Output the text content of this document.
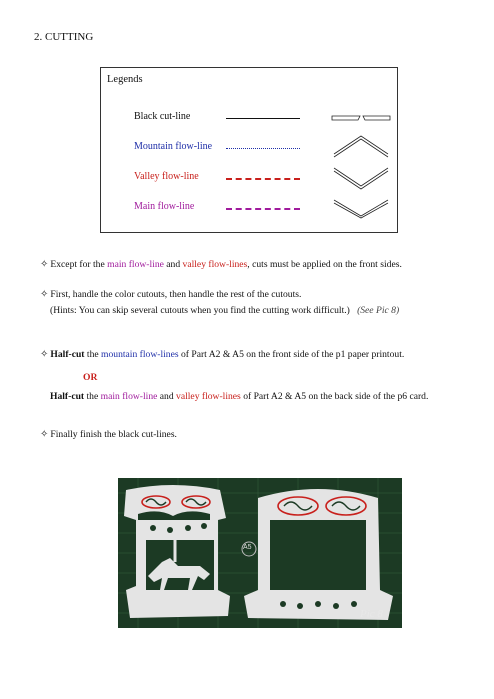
2. CUTTING
Legends
Black cut-line
Mountain flow-line
Valley flow-line
Main flow-line
✧ Except for the main flow-line and valley flow-lines, cuts must be applied on the front sides.
✧ First, handle the color cutouts, then handle the rest of the cutouts.
(Hints: You can skip several cutouts when you find the cutting work difficult.) (See Pic 8)
✧ Half-cut the mountain flow-lines of Part A2 & A5 on the front side of the p1 paper printout.
OR
Half-cut the main flow-line and valley flow-lines of Part A2 & A5 on the back side of the p6 card.
✧ Finally finish the black cut-lines.
A5
Pic 8
